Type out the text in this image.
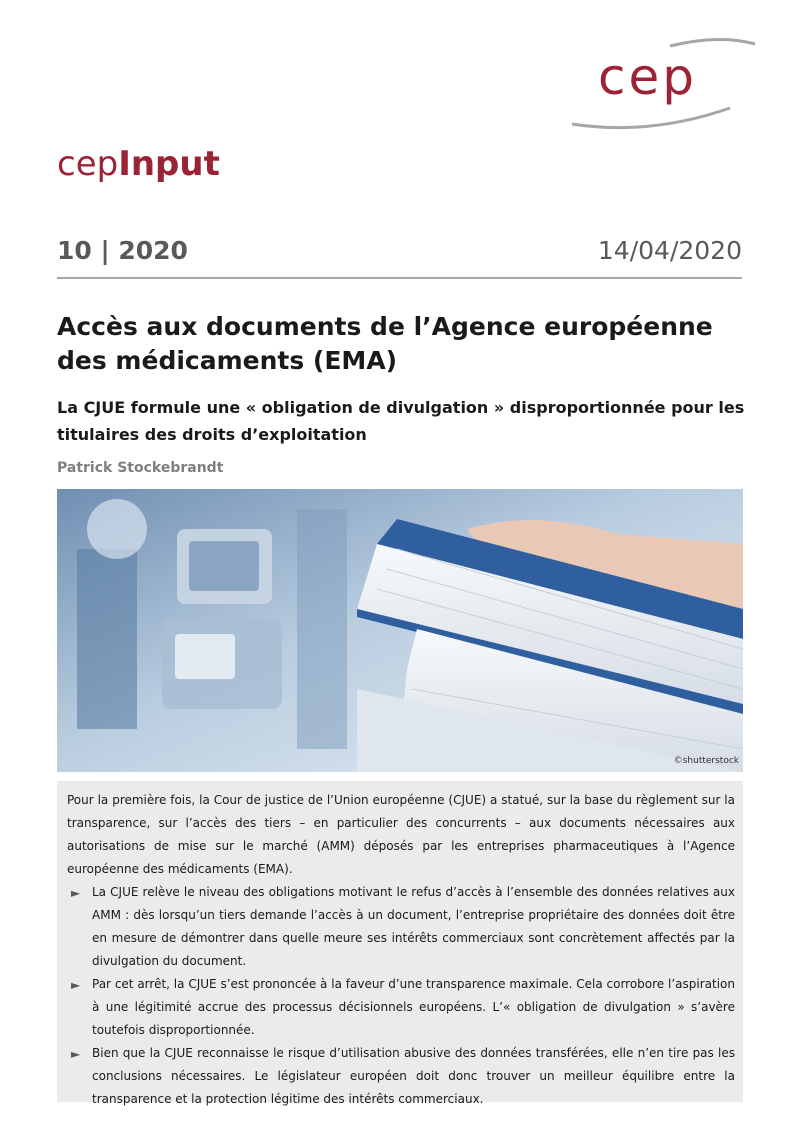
cep
cepInput
10 | 2020	14/04/2020
Accès aux documents de l’Agence européenne des médicaments (EMA)
La CJUE formule une « obligation de divulgation » disproportionnée pour les titulaires des droits d’exploitation
Patrick Stockebrandt
©shutterstock
Pour la première fois, la Cour de justice de l’Union européenne (CJUE) a statué, sur la base du règlement sur la transparence, sur l’accès des tiers – en particulier des concurrents – aux documents nécessaires aux autorisations de mise sur le marché (AMM) déposés par les entreprises pharmaceutiques à l’Agence européenne des médicaments (EMA).
► La CJUE relève le niveau des obligations motivant le refus d’accès à l’ensemble des données relatives aux AMM : dès lorsqu’un tiers demande l’accès à un document, l’entreprise propriétaire des données doit être en mesure de démontrer dans quelle meure ses intérêts commerciaux sont concrètement affectés par la divulgation du document.
► Par cet arrêt, la CJUE s’est prononcée à la faveur d’une transparence maximale. Cela corrobore l’aspiration à une légitimité accrue des processus décisionnels européens. L’« obligation de divulgation » s’avère toutefois disproportionnée.
► Bien que la CJUE reconnaisse le risque d’utilisation abusive des données transférées, elle n’en tire pas les conclusions nécessaires. Le législateur européen doit donc trouver un meilleur équilibre entre la transparence et la protection légitime des intérêts commerciaux.
